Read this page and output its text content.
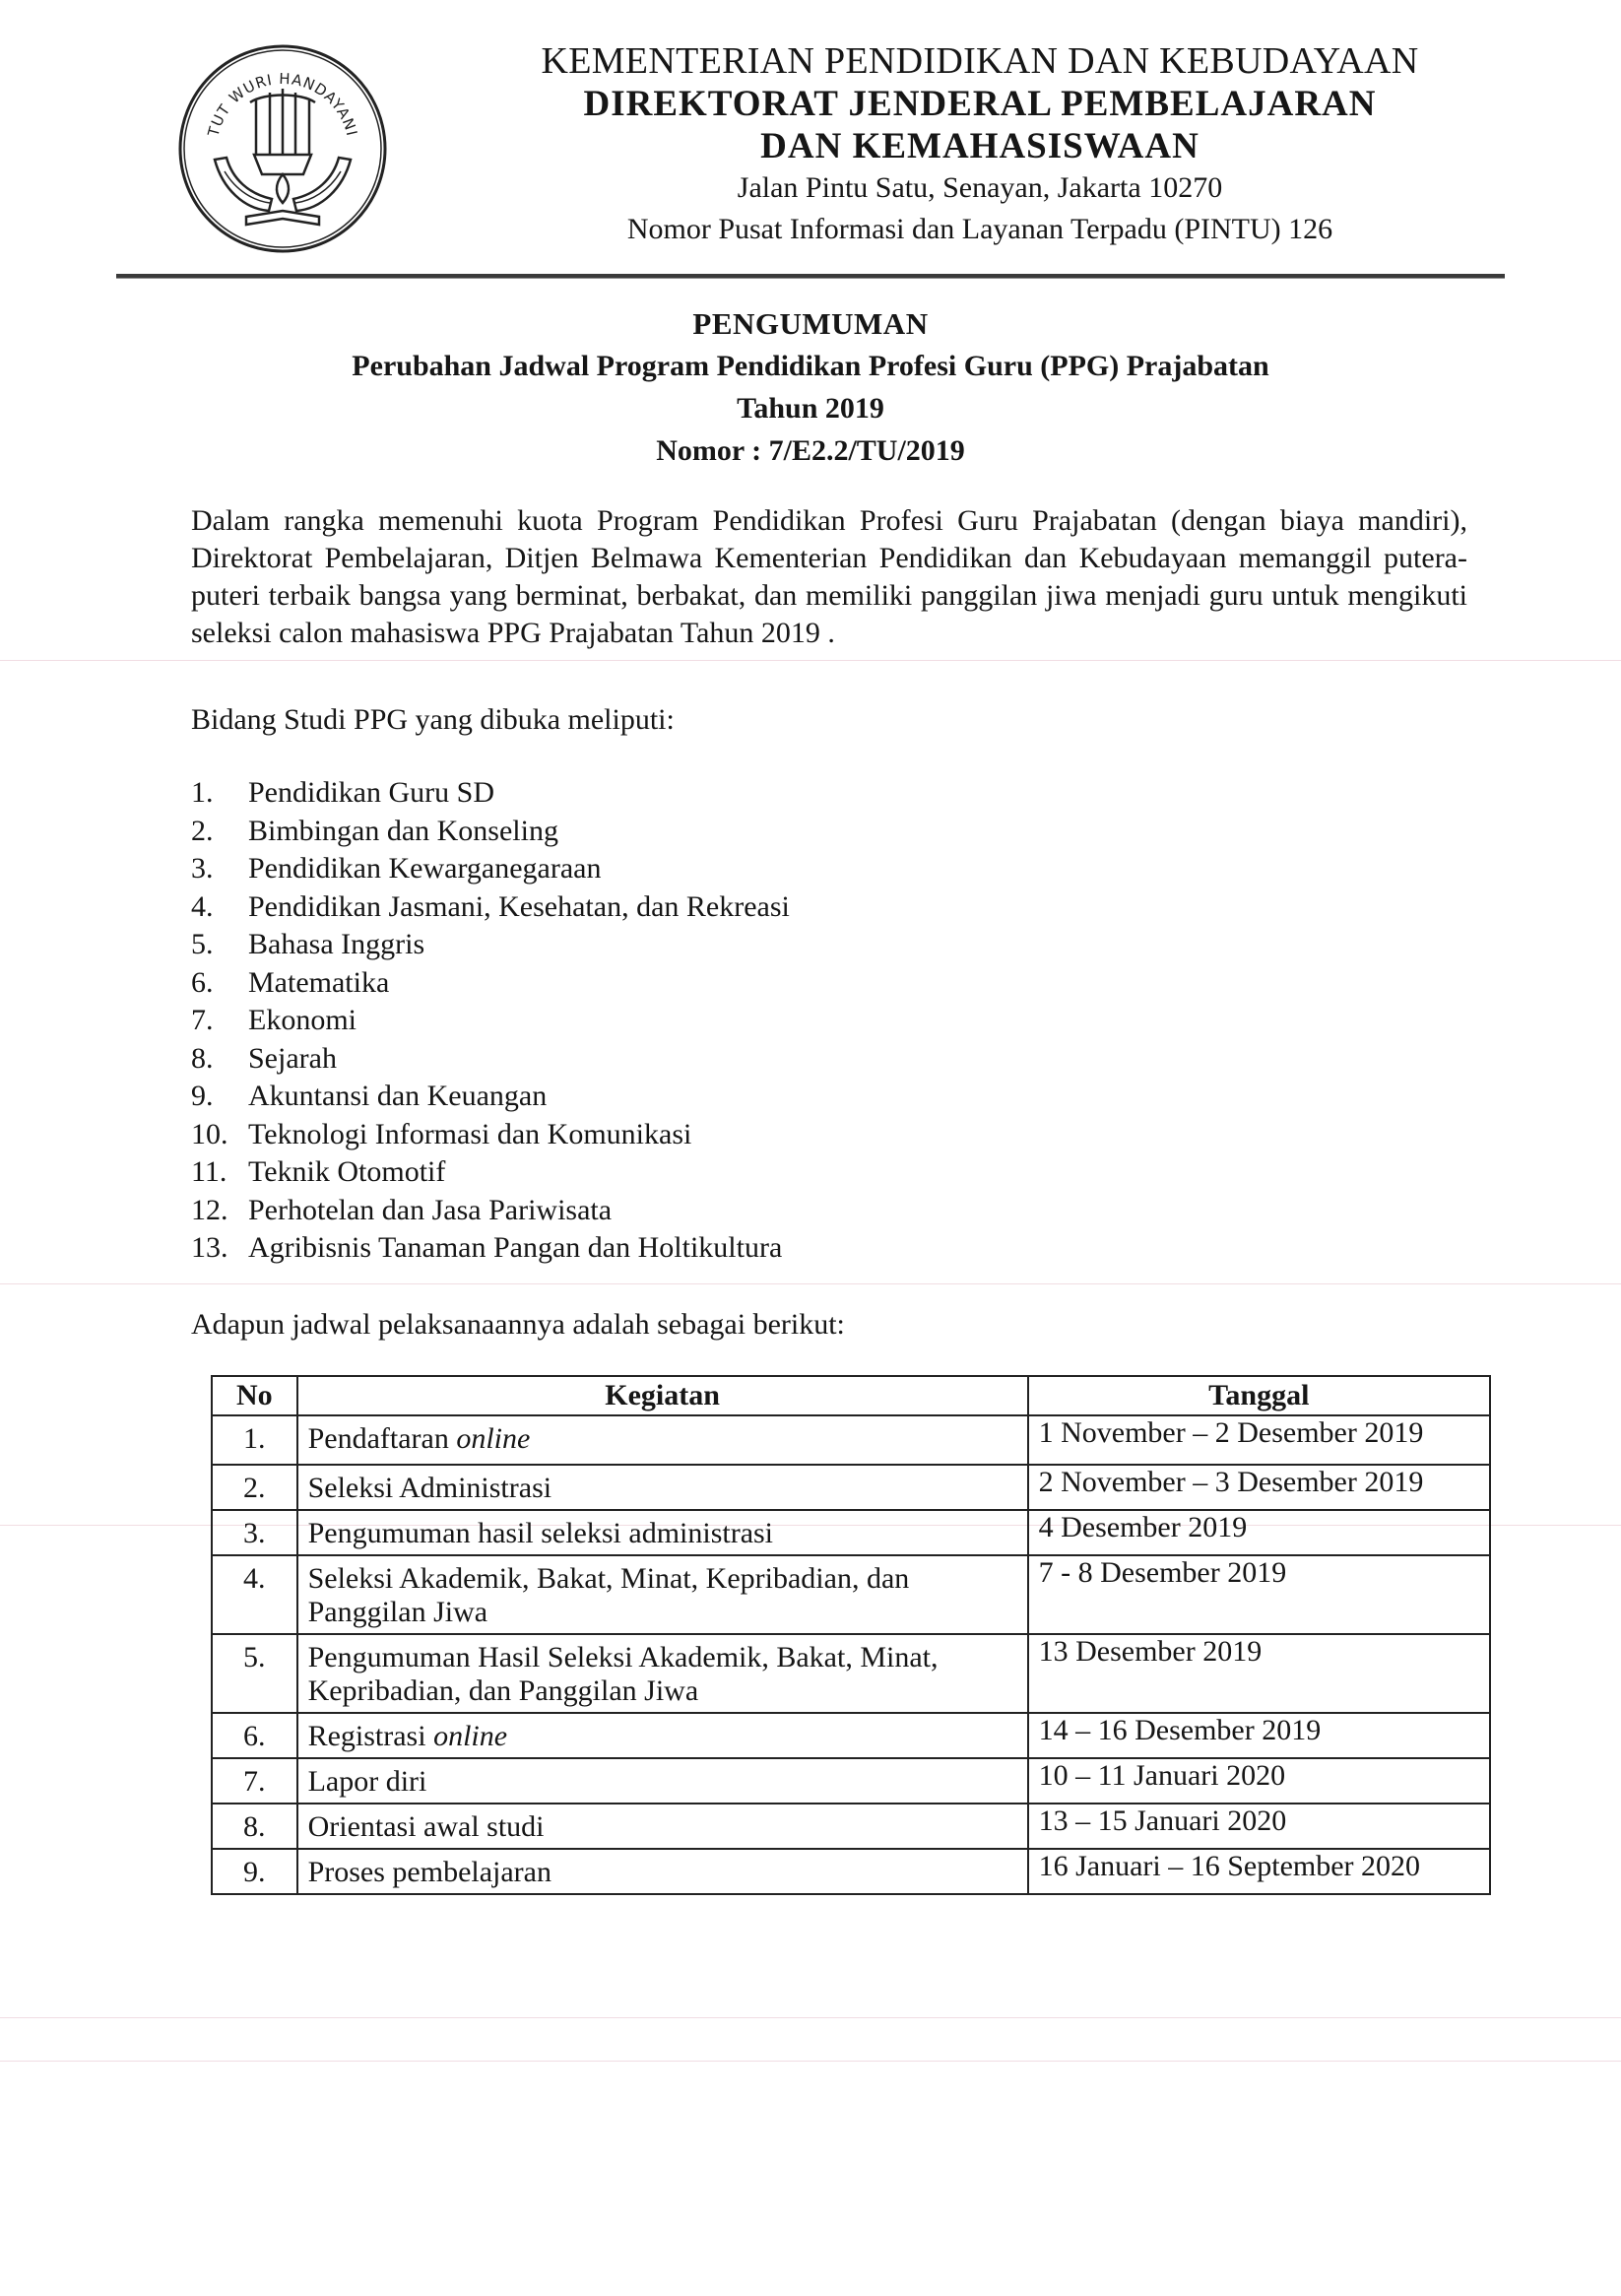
TUT WURI HANDAYANI
KEMENTERIAN PENDIDIKAN DAN KEBUDAYAAN
DIREKTORAT JENDERAL PEMBELAJARAN
DAN KEMAHASISWAAN
Jalan Pintu Satu, Senayan, Jakarta 10270
Nomor Pusat Informasi dan Layanan Terpadu (PINTU) 126
PENGUMUMAN
Perubahan Jadwal Program Pendidikan Profesi Guru (PPG) Prajabatan
Tahun 2019
Nomor : 7/E2.2/TU/2019
Dalam rangka memenuhi kuota Program Pendidikan Profesi Guru Prajabatan (dengan biaya mandiri), Direktorat Pembelajaran, Ditjen Belmawa Kementerian Pendidikan dan Kebudayaan memanggil putera-puteri terbaik bangsa yang berminat, berbakat, dan memiliki panggilan jiwa menjadi guru untuk mengikuti seleksi calon mahasiswa PPG Prajabatan Tahun 2019 .
Bidang Studi PPG yang dibuka meliputi:
1.	Pendidikan Guru SD
2.	Bimbingan dan Konseling
3.	Pendidikan Kewarganegaraan
4.	Pendidikan Jasmani, Kesehatan, dan Rekreasi
5.	Bahasa Inggris
6.	Matematika
7.	Ekonomi
8.	Sejarah
9.	Akuntansi dan Keuangan
10. Teknologi Informasi dan Komunikasi
11. Teknik Otomotif
12. Perhotelan dan Jasa Pariwisata
13. Agribisnis Tanaman Pangan dan Holtikultura
Adapun jadwal pelaksanaannya adalah sebagai berikut:
No	Kegiatan	Tanggal
1.	Pendaftaran online	1 November – 2 Desember 2019
2.	Seleksi Administrasi	2 November – 3 Desember 2019
3.	Pengumuman hasil seleksi administrasi	4 Desember 2019
4.	Seleksi Akademik, Bakat, Minat, Kepribadian, dan Panggilan Jiwa	7 - 8 Desember 2019
5.	Pengumuman Hasil Seleksi Akademik, Bakat, Minat, Kepribadian, dan Panggilan Jiwa	13 Desember 2019
6.	Registrasi online	14 – 16 Desember 2019
7.	Lapor diri	10 – 11 Januari 2020
8.	Orientasi awal studi	13 – 15 Januari 2020
9.	Proses pembelajaran	16 Januari – 16 September 2020
